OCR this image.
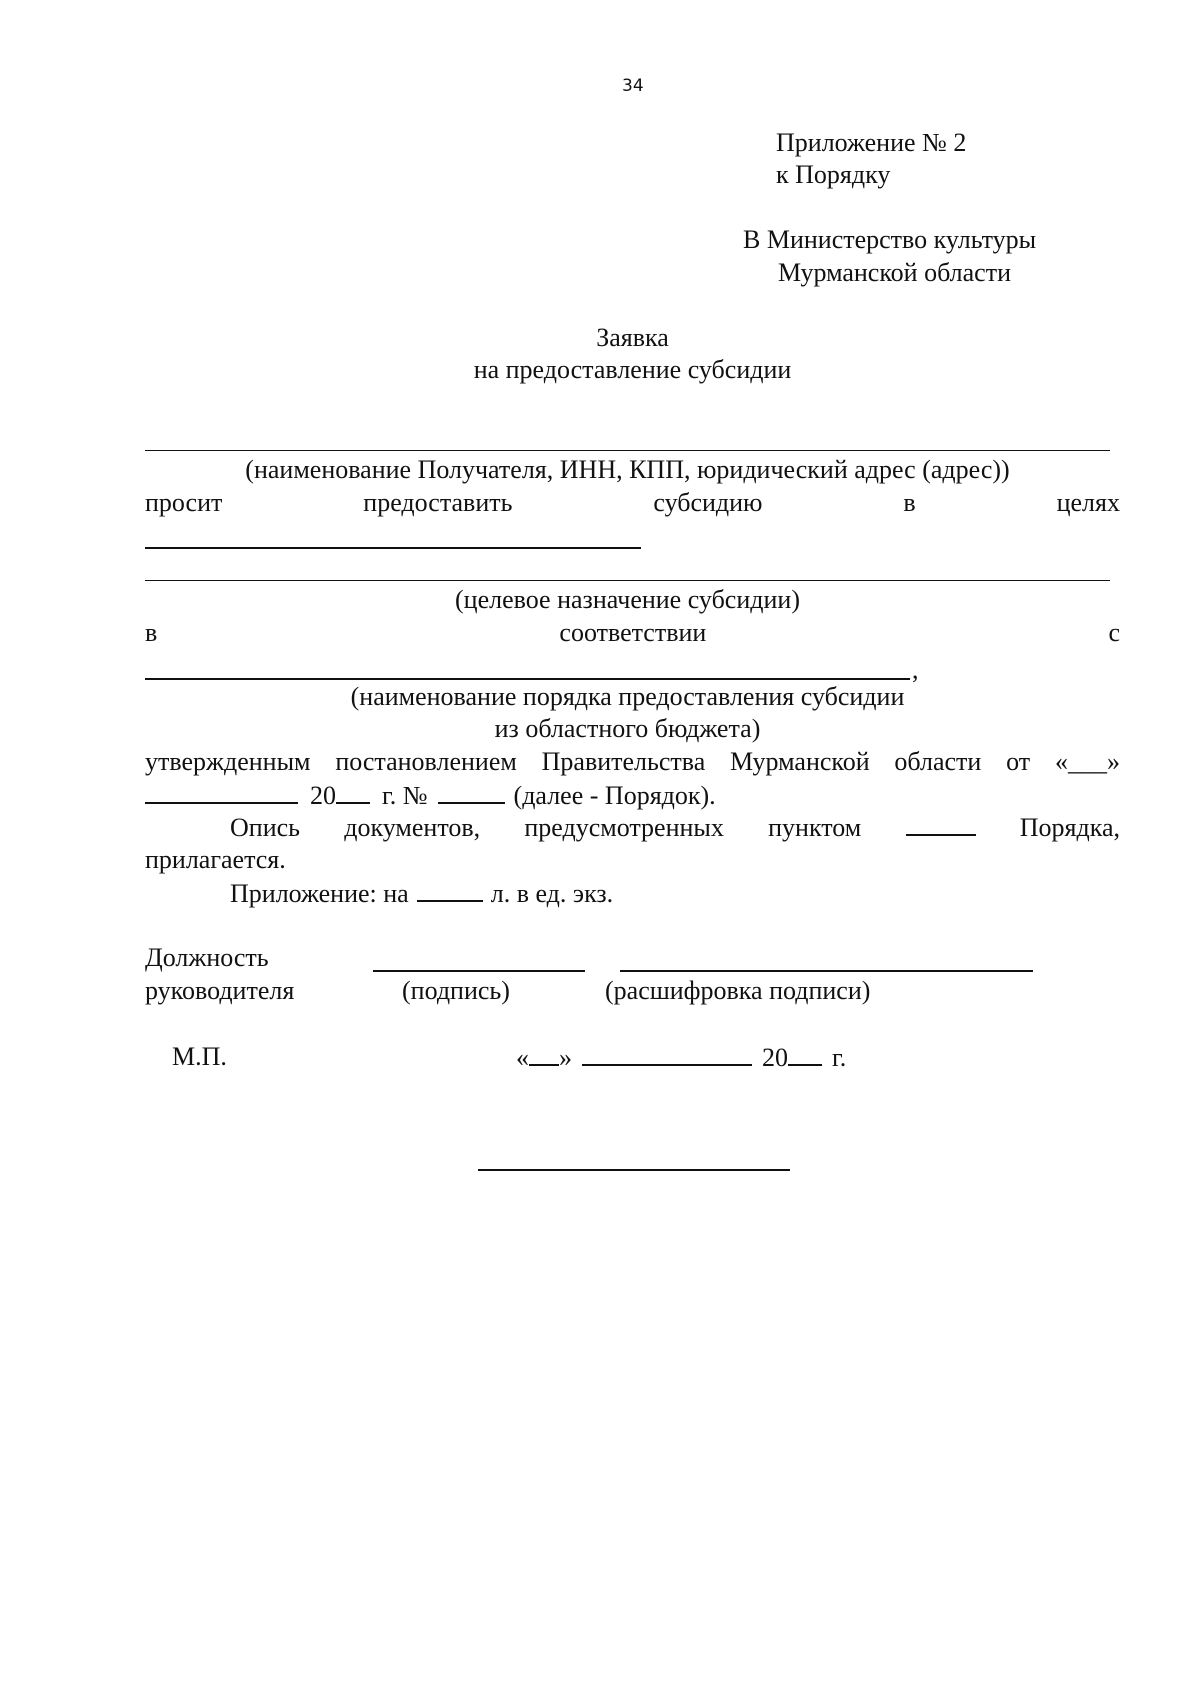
34
Приложение № 2
к Порядку
В Министерство культуры
Мурманской области
Заявка
на предоставление субсидии
(наименование Получателя, ИНН, КПП, юридический адрес (адрес))
просит	предоставить	субсидию	в	целях
(целевое назначение субсидии)
в	соответствии	с
,
(наименование порядка предоставления субсидии
из областного бюджета)
утвержденным постановлением Правительства Мурманской области от «___»
20 г. №	(далее - Порядок).
Опись документов, предусмотренных пунктом	Порядка,
прилагается.
Приложение: на	л. в ед. экз.
Должность
руководителя	(подпись)	(расшифровка подписи)
М.П.	« »	20 г.
